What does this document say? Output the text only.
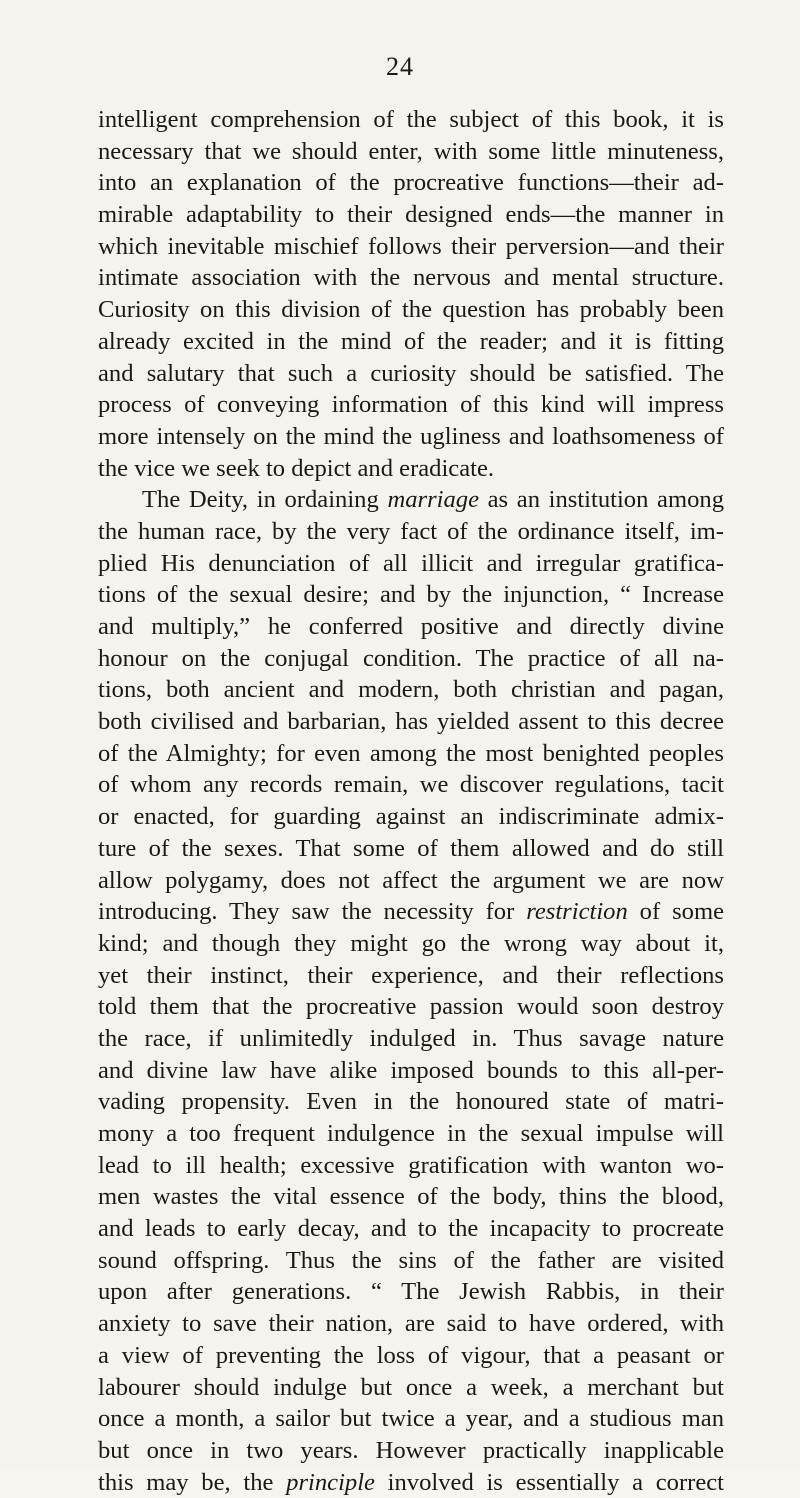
24
intelligent comprehension of the subject of this book, it is
necessary that we should enter, with some little minuteness,
into an explanation of the procreative functions—their ad-
mirable adaptability to their designed ends—the manner in
which inevitable mischief follows their perversion—and their
intimate association with the nervous and mental structure.
Curiosity on this division of the question has probably been
already excited in the mind of the reader; and it is fitting
and salutary that such a curiosity should be satisfied. The
process of conveying information of this kind will impress
more intensely on the mind the ugliness and loathsomeness of
the vice we seek to depict and eradicate.
The Deity, in ordaining marriage as an institution among
the human race, by the very fact of the ordinance itself, im-
plied His denunciation of all illicit and irregular gratifica-
tions of the sexual desire; and by the injunction, “ Increase
and multiply,” he conferred positive and directly divine
honour on the conjugal condition. The practice of all na-
tions, both ancient and modern, both christian and pagan,
both civilised and barbarian, has yielded assent to this decree
of the Almighty; for even among the most benighted peoples
of whom any records remain, we discover regulations, tacit
or enacted, for guarding against an indiscriminate admix-
ture of the sexes. That some of them allowed and do still
allow polygamy, does not affect the argument we are now
introducing. They saw the necessity for restriction of some
kind; and though they might go the wrong way about it,
yet their instinct, their experience, and their reflections
told them that the procreative passion would soon destroy
the race, if unlimitedly indulged in. Thus savage nature
and divine law have alike imposed bounds to this all-per-
vading propensity. Even in the honoured state of matri-
mony a too frequent indulgence in the sexual impulse will
lead to ill health; excessive gratification with wanton wo-
men wastes the vital essence of the body, thins the blood,
and leads to early decay, and to the incapacity to procreate
sound offspring. Thus the sins of the father are visited
upon after generations. “ The Jewish Rabbis, in their
anxiety to save their nation, are said to have ordered, with
a view of preventing the loss of vigour, that a peasant or
labourer should indulge but once a week, a merchant but
once a month, a sailor but twice a year, and a studious man
but once in two years. However practically inapplicable
this may be, the principle involved is essentially a correct
